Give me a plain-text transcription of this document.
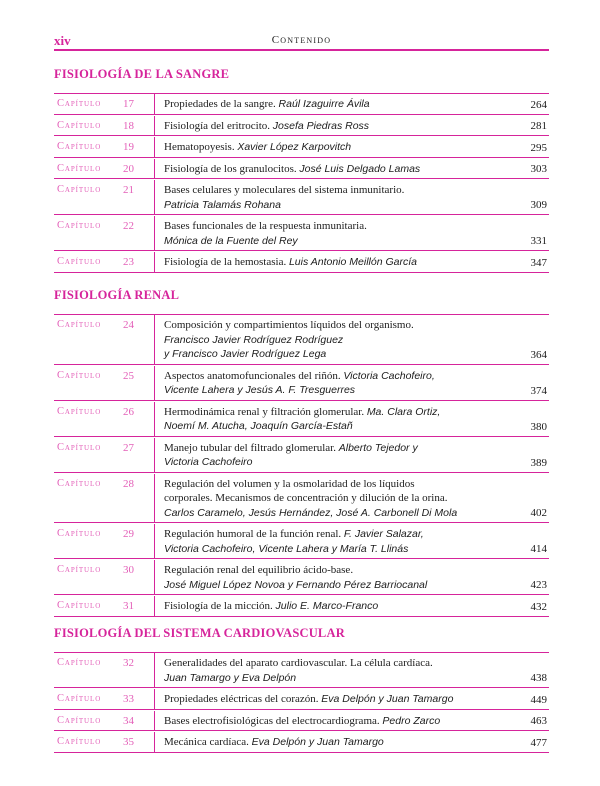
xiv	Contenido
FISIOLOGÍA DE LA SANGRE
Capítulo	17	Propiedades de la sangre. Raúl Izaguirre Ávila	264
Capítulo	18	Fisiología del eritrocito. Josefa Piedras Ross	281
Capítulo	19	Hematopoyesis. Xavier López Karpovitch	295
Capítulo	20	Fisiología de los granulocitos. José Luis Delgado Lamas	303
Capítulo	21	Bases celulares y moleculares del sistema inmunitario.
Patricia Talamás Rohana	309
Capítulo	22	Bases funcionales de la respuesta inmunitaria.
Mónica de la Fuente del Rey	331
Capítulo	23	Fisiología de la hemostasia. Luis Antonio Meillón García	347
FISIOLOGÍA RENAL
Capítulo	24	Composición y compartimientos líquidos del organismo.
Francisco Javier Rodríguez Rodríguez
y Francisco Javier Rodríguez Lega	364
Capítulo	25	Aspectos anatomofuncionales del riñón. Victoria Cachofeiro,
Vicente Lahera y Jesús A. F. Tresguerres	374
Capítulo	26	Hermodinámica renal y filtración glomerular. Ma. Clara Ortiz,
Noemí M. Atucha, Joaquín García-Estañ	380
Capítulo	27	Manejo tubular del filtrado glomerular. Alberto Tejedor y
Victoria Cachofeiro	389
Capítulo	28	Regulación del volumen y la osmolaridad de los líquidos
corporales. Mecanismos de concentración y dilución de la orina.
Carlos Caramelo, Jesús Hernández, José A. Carbonell Di Mola	402
Capítulo	29	Regulación humoral de la función renal. F. Javier Salazar,
Victoria Cachofeiro, Vicente Lahera y María T. Llinás	414
Capítulo	30	Regulación renal del equilibrio ácido-base.
José Miguel López Novoa y Fernando Pérez Barriocanal	423
Capítulo	31	Fisiología de la micción. Julio E. Marco-Franco	432
FISIOLOGÍA DEL SISTEMA CARDIOVASCULAR
Capítulo	32	Generalidades del aparato cardiovascular. La célula cardíaca.
Juan Tamargo y Eva Delpón	438
Capítulo	33	Propiedades eléctricas del corazón. Eva Delpón y Juan Tamargo	449
Capítulo	34	Bases electrofisiológicas del electrocardiograma. Pedro Zarco	463
Capítulo	35	Mecánica cardíaca. Eva Delpón y Juan Tamargo	477
